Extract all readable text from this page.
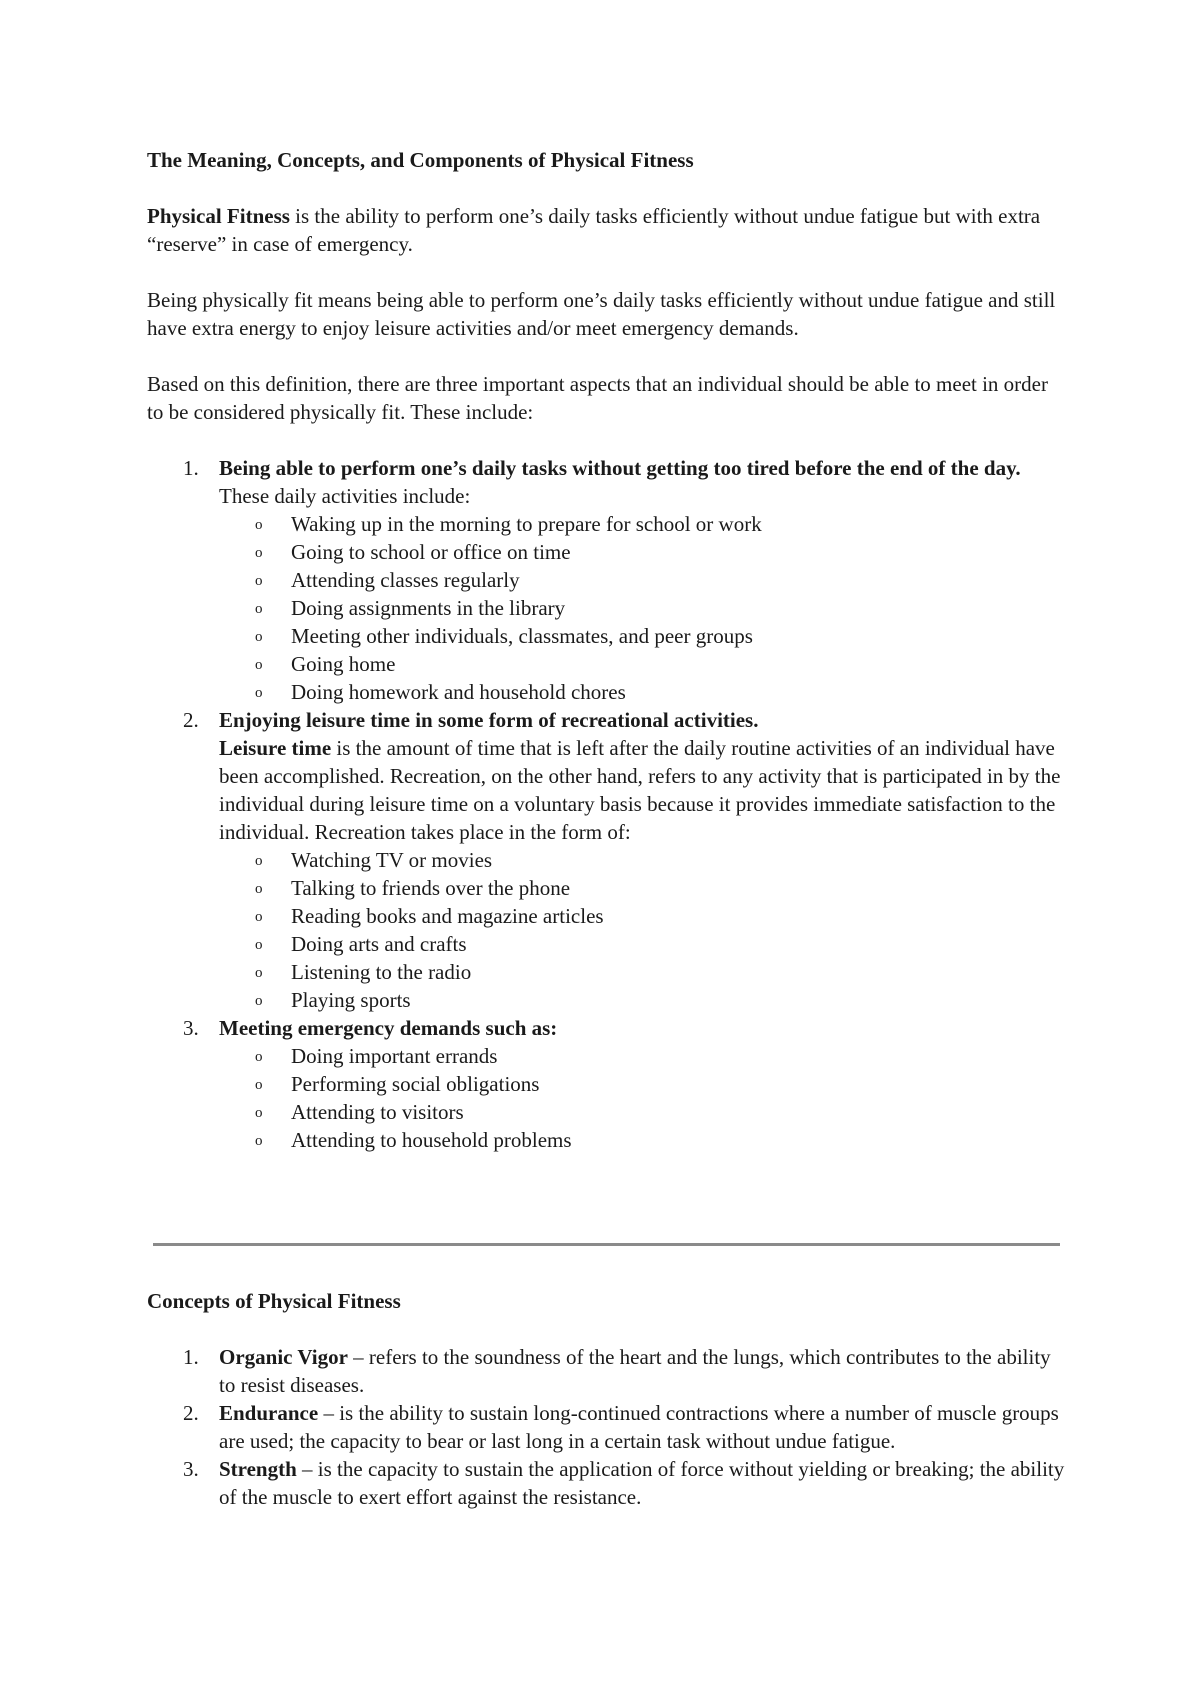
The Meaning, Concepts, and Components of Physical Fitness

Physical Fitness is the ability to perform one’s daily tasks efficiently without undue fatigue but with extra “reserve” in case of emergency.

Being physically fit means being able to perform one’s daily tasks efficiently without undue fatigue and still have extra energy to enjoy leisure activities and/or meet emergency demands.

Based on this definition, there are three important aspects that an individual should be able to meet in order to be considered physically fit. These include:

1. Being able to perform one’s daily tasks without getting too tired before the end of the day. These daily activities include:
o Waking up in the morning to prepare for school or work
o Going to school or office on time
o Attending classes regularly
o Doing assignments in the library
o Meeting other individuals, classmates, and peer groups
o Going home
o Doing homework and household chores
2. Enjoying leisure time in some form of recreational activities.
Leisure time is the amount of time that is left after the daily routine activities of an individual have been accomplished. Recreation, on the other hand, refers to any activity that is participated in by the individual during leisure time on a voluntary basis because it provides immediate satisfaction to the individual. Recreation takes place in the form of:
o Watching TV or movies
o Talking to friends over the phone
o Reading books and magazine articles
o Doing arts and crafts
o Listening to the radio
o Playing sports
3. Meeting emergency demands such as:
o Doing important errands
o Performing social obligations
o Attending to visitors
o Attending to household problems
Concepts of Physical Fitness
1. Organic Vigor – refers to the soundness of the heart and the lungs, which contributes to the ability to resist diseases.
2. Endurance – is the ability to sustain long-continued contractions where a number of muscle groups are used; the capacity to bear or last long in a certain task without undue fatigue.
3. Strength – is the capacity to sustain the application of force without yielding or breaking; the ability of the muscle to exert effort against the resistance.
